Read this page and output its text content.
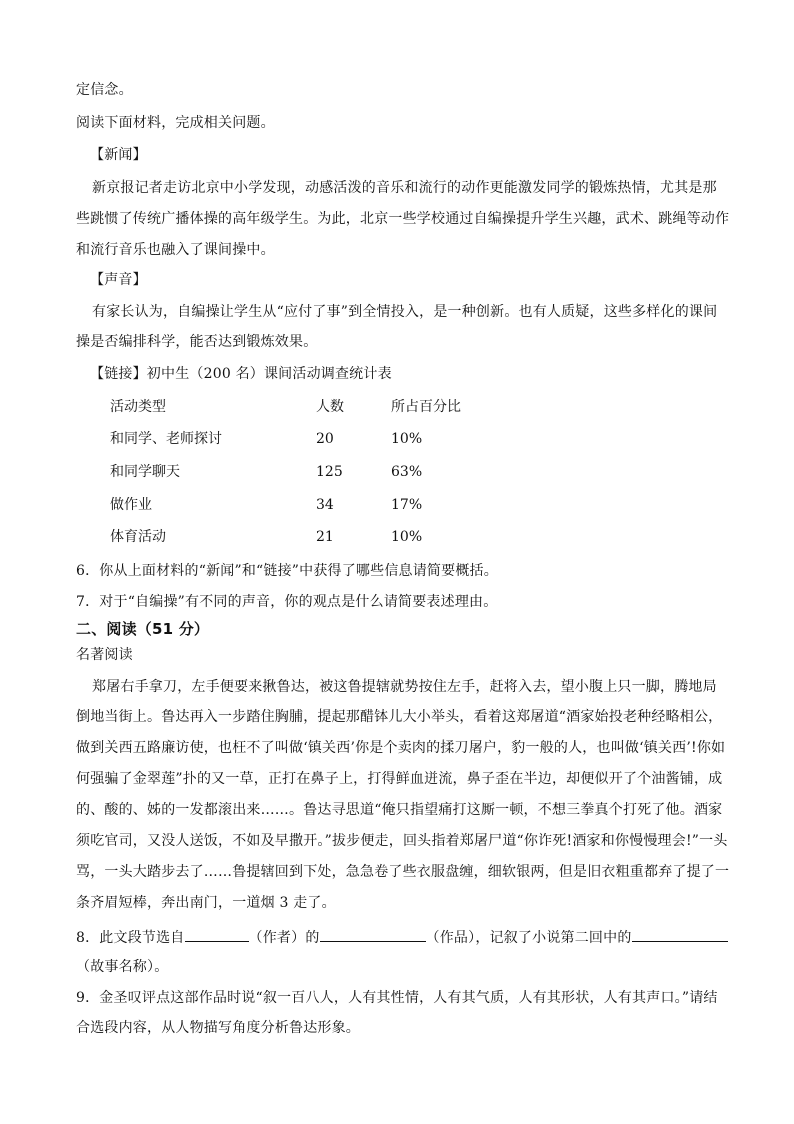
定信念。
阅读下面材料，完成相关问题。
【新闻】
新京报记者走访北京中小学发现，动感活泼的音乐和流行的动作更能激发同学的锻炼热情，尤其是那
些跳惯了传统广播体操的高年级学生。为此，北京一些学校通过自编操提升学生兴趣，武术、跳绳等动作
和流行音乐也融入了课间操中。
【声音】
有家长认为，自编操让学生从“应付了事”到全情投入，是一种创新。也有人质疑，这些多样化的课间
操是否编排科学，能否达到锻炼效果。
【链接】初中生（200 名）课间活动调查统计表
活动类型	人数	所占百分比
和同学、老师探讨	20	10%
和同学聊天	125	63%
做作业	34	17%
体育活动	21	10%
6．你从上面材料的“新闻”和“链接”中获得了哪些信息请简要概括。
7．对于“自编操”有不同的声音，你的观点是什么请简要表述理由。
二、阅读（51 分）
名著阅读
郑屠右手拿刀，左手便要来揪鲁达，被这鲁提辖就势按住左手，赶将入去，望小腹上只一脚，腾地局
倒地当街上。鲁达再入一步踏住胸脯，提起那醋钵儿大小举头，看着这郑屠道“酒家始投老种经略相公，
做到关西五路廉访使，也枉不了叫做‘镇关西’你是个卖肉的揉刀屠户，豹一般的人，也叫做‘镇关西’!你如
何强骗了金翠莲”扑的又一草，正打在鼻子上，打得鲜血迸流，鼻子歪在半边，却便似开了个油酱铺，成
的、酸的、姊的一发都滚出来……。鲁达寻思道“俺只指望痛打这厮一顿，不想三拳真个打死了他。酒家
须吃官司，又没人送饭，不如及早撒开。”拔步便走，回头指着郑屠尸道“你诈死!酒家和你慢慢理会!”一头
骂，一头大踏步去了……鲁提辖回到下处，急急卷了些衣服盘缠，细软银两，但是旧衣粗重都弃了提了一
条齐眉短棒，奔出南门，一道烟 3 走了。
8．此文段节选自	（作者）的	（作品），记叙了小说第二回中的
（故事名称）。
9．金圣叹评点这部作品时说“叙一百八人，人有其性情，人有其气质，人有其形状，人有其声口。”请结
合选段内容，从人物描写角度分析鲁达形象。
